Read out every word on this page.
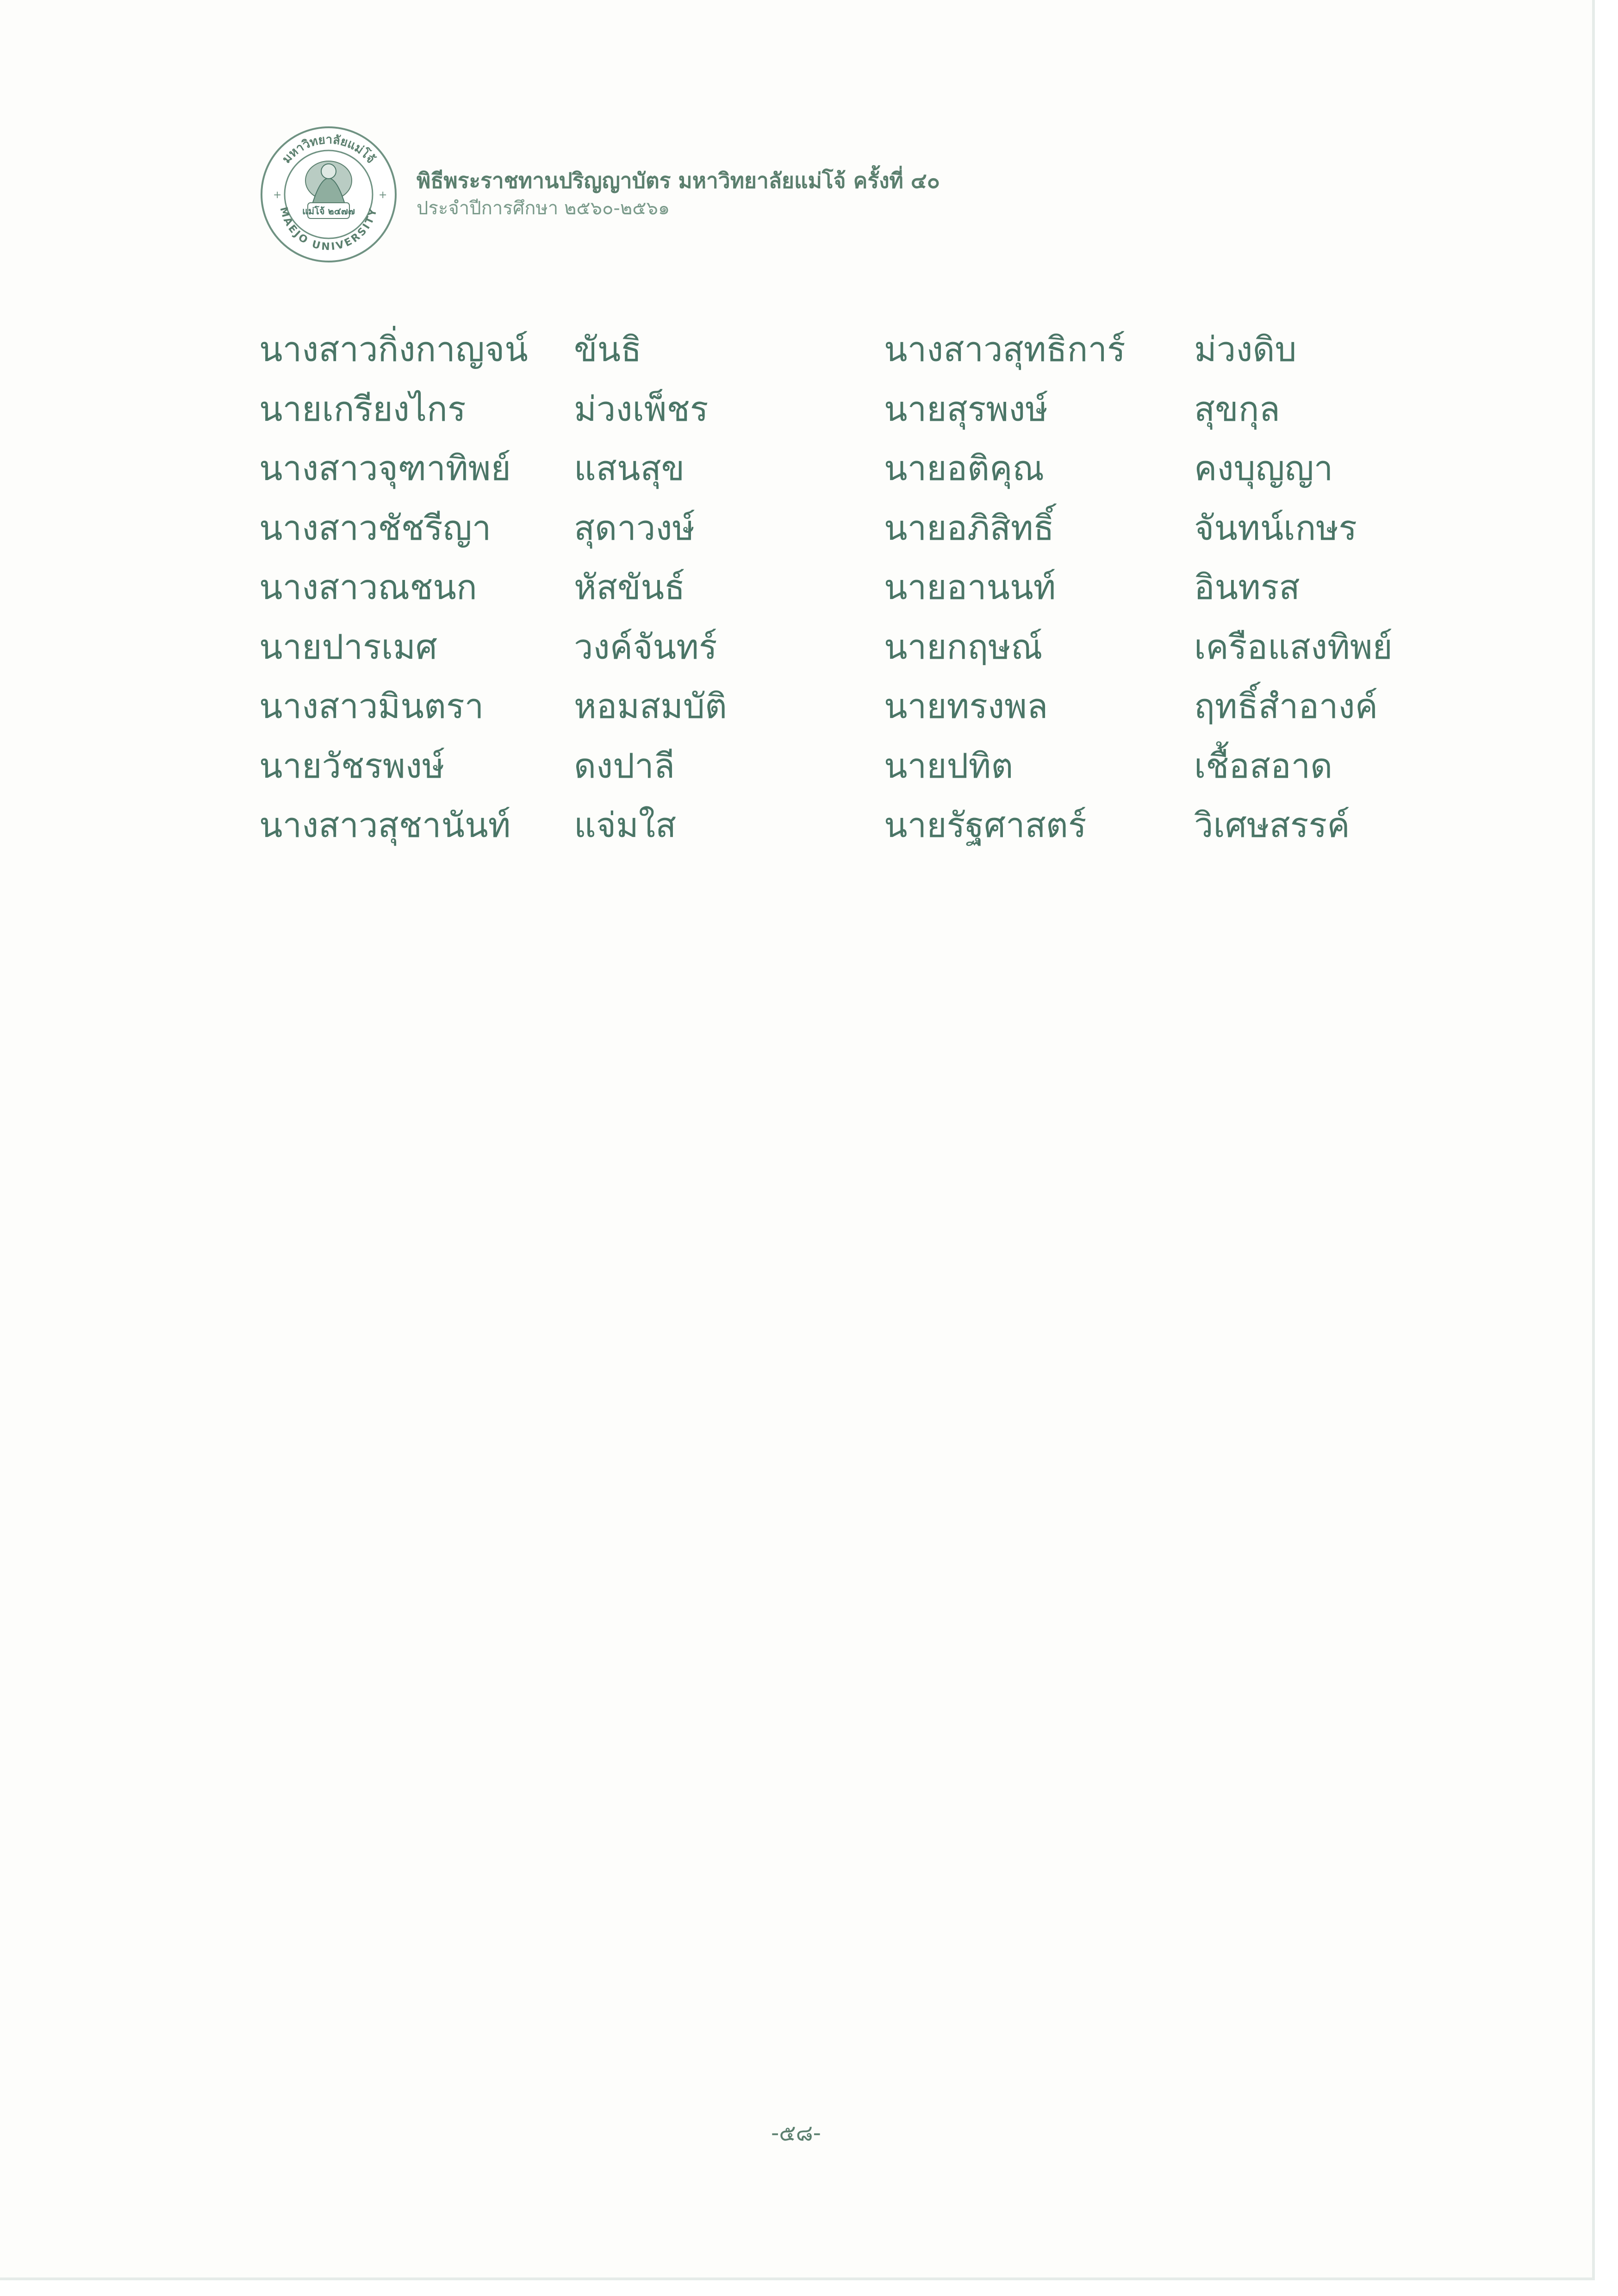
มหาวิทยาลัยแม่โจ้
MAEJO UNIVERSITY
+	+
แม่โจ้ ๒๔๗๗
พิธีพระราชทานปริญญาบัตร มหาวิทยาลัยแม่โจ้ ครั้งที่ ๔๐
ประจำปีการศึกษา ๒๕๖๐-๒๕๖๑
นางสาวกิ่งกาญจน์	ขันธิ	นางสาวสุทธิการ์	ม่วงดิบ
นายเกรียงไกร	ม่วงเพ็ชร	นายสุรพงษ์	สุขกุล
นางสาวจุฑาทิพย์	แสนสุข	นายอติคุณ	คงบุญญา
นางสาวชัชรีญา	สุดาวงษ์	นายอภิสิทธิ์	จันทน์เกษร
นางสาวณชนก	หัสขันธ์	นายอานนท์	อินทรส
นายปารเมศ	วงค์จันทร์	นายกฤษณ์	เครือแสงทิพย์
นางสาวมินตรา	หอมสมบัติ	นายทรงพล	ฤทธิ์สำอางค์
นายวัชรพงษ์	ดงปาลี	นายปทิต	เชื้อสอาด
นางสาวสุชานันท์	แจ่มใส	นายรัฐศาสตร์	วิเศษสรรค์
-๕๘-
